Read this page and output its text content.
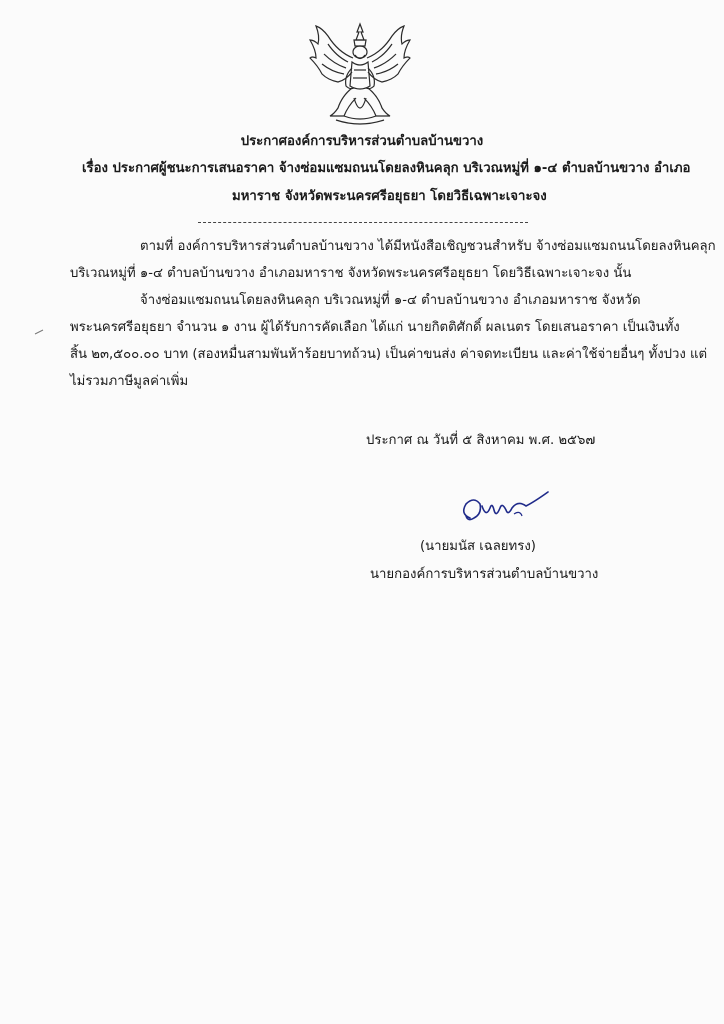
ประกาศองค์การบริหารส่วนตำบลบ้านขวาง
เรื่อง ประกาศผู้ชนะการเสนอราคา จ้างซ่อมแซมถนนโดยลงหินคลุก บริเวณหมู่ที่ ๑-๔ ตำบลบ้านขวาง อำเภอ
มหาราช จังหวัดพระนครศรีอยุธยา โดยวิธีเฉพาะเจาะจง
ตามที่ องค์การบริหารส่วนตำบลบ้านขวาง ได้มีหนังสือเชิญชวนสำหรับ จ้างซ่อมแซมถนนโดยลงหินคลุก
บริเวณหมู่ที่ ๑-๔ ตำบลบ้านขวาง อำเภอมหาราช จังหวัดพระนครศรีอยุธยา โดยวิธีเฉพาะเจาะจง นั้น
จ้างซ่อมแซมถนนโดยลงหินคลุก บริเวณหมู่ที่ ๑-๔ ตำบลบ้านขวาง อำเภอมหาราช จังหวัด
พระนครศรีอยุธยา จำนวน ๑ งาน ผู้ได้รับการคัดเลือก ได้แก่ นายกิตติศักดิ์ ผลเนตร โดยเสนอราคา เป็นเงินทั้ง
สิ้น ๒๓,๕๐๐.๐๐ บาท (สองหมื่นสามพันห้าร้อยบาทถ้วน) เป็นค่าขนส่ง ค่าจดทะเบียน และค่าใช้จ่ายอื่นๆ ทั้งปวง แต่
ไม่รวมภาษีมูลค่าเพิ่ม
ประกาศ ณ วันที่ ๕ สิงหาคม พ.ศ. ๒๕๖๗
(นายมนัส เฉลยทรง)
นายกองค์การบริหารส่วนตำบลบ้านขวาง
